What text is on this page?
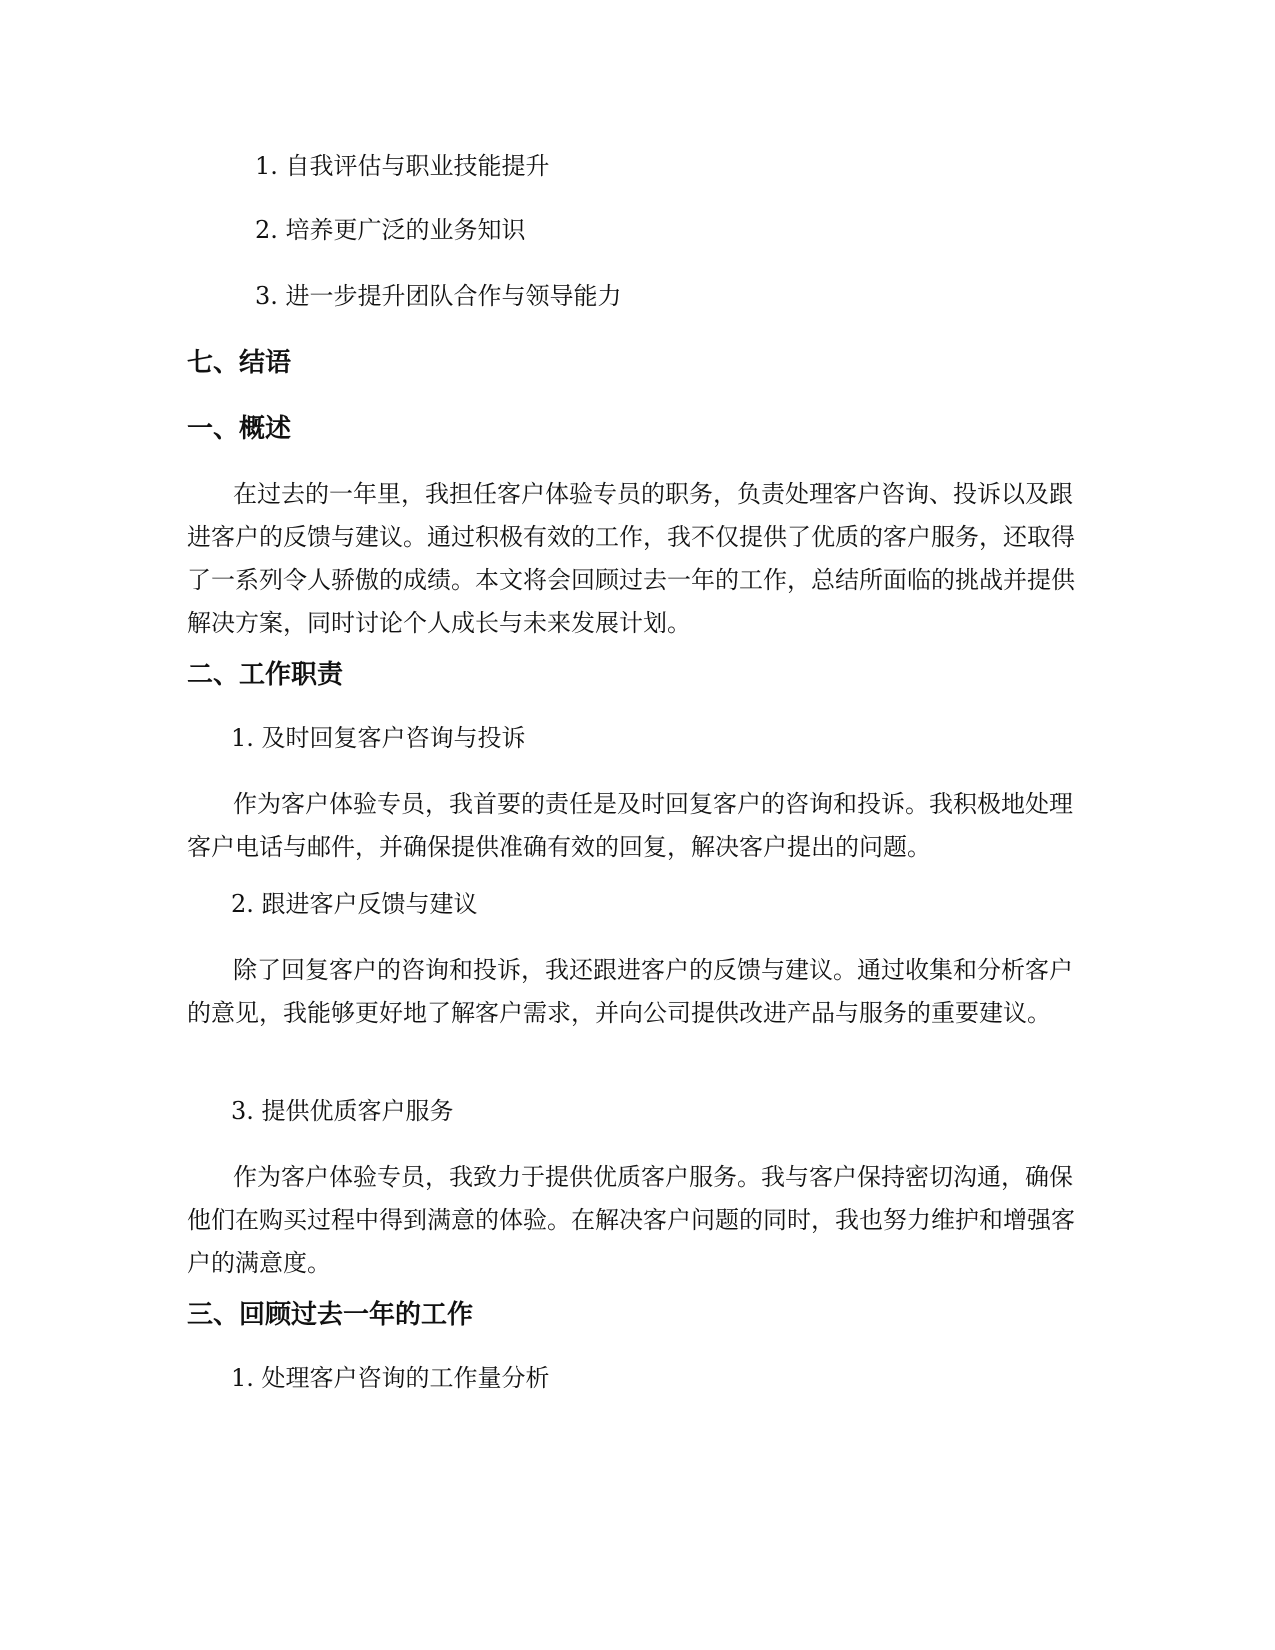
1. 自我评估与职业技能提升
2. 培养更广泛的业务知识
3. 进一步提升团队合作与领导能力
七、结语
一、概述

在过去的一年里，我担任客户体验专员的职务，负责处理客户咨询、投诉以及跟进客户的反馈与建议。通过积极有效的工作，我不仅提供了优质的客户服务，还取得了一系列令人骄傲的成绩。本文将会回顾过去一年的工作，总结所面临的挑战并提供解决方案，同时讨论个人成长与未来发展计划。

二、工作职责
1. 及时回复客户咨询与投诉

作为客户体验专员，我首要的责任是及时回复客户的咨询和投诉。我积极地处理客户电话与邮件，并确保提供准确有效的回复，解决客户提出的问题。

2. 跟进客户反馈与建议

除了回复客户的咨询和投诉，我还跟进客户的反馈与建议。通过收集和分析客户的意见，我能够更好地了解客户需求，并向公司提供改进产品与服务的重要建议。

3. 提供优质客户服务

作为客户体验专员，我致力于提供优质客户服务。我与客户保持密切沟通，确保他们在购买过程中得到满意的体验。在解决客户问题的同时，我也努力维护和增强客户的满意度。

三、回顾过去一年的工作
1. 处理客户咨询的工作量分析
